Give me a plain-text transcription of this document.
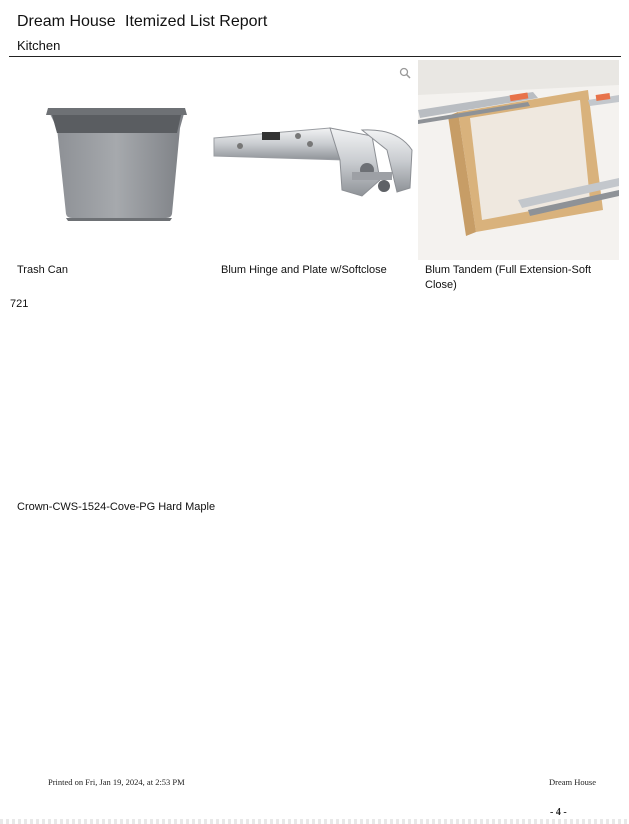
Dream House Itemized List Report
Kitchen
Trash Can	Blum Hinge and Plate w/Softclose	Blum Tandem (Full Extension-Soft Close)
721
Crown-CWS-1524-Cove-PG Hard Maple
Printed on Fri, Jan 19, 2024, at 2:53 PM	Dream House
- 4 -
